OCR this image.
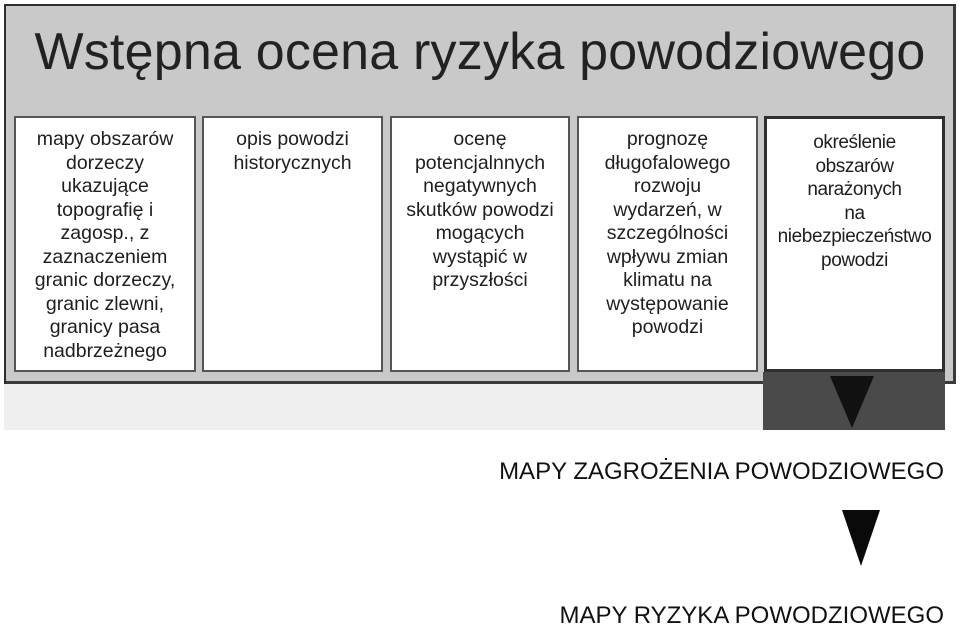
Wstępna ocena ryzyka powodziowego
mapy obszarów
dorzeczy
ukazujące
topografię i
zagosp., z
zaznaczeniem
granic dorzeczy,
granic zlewni,
granicy pasa
nadbrzeżnego
opis powodzi
historycznych
ocenę
potencjalnnych
negatywnych
skutków powodzi
mogących
wystąpić w
przyszłości
prognozę
długofalowego
rozwoju
wydarzeń, w
szczególności
wpływu zmian
klimatu na
występowanie
powodzi
określenie
obszarów
narażonych
na
niebezpieczeństwo
powodzi
MAPY ZAGROŻENIA POWODZIOWEGO
MAPY RYZYKA POWODZIOWEGO
